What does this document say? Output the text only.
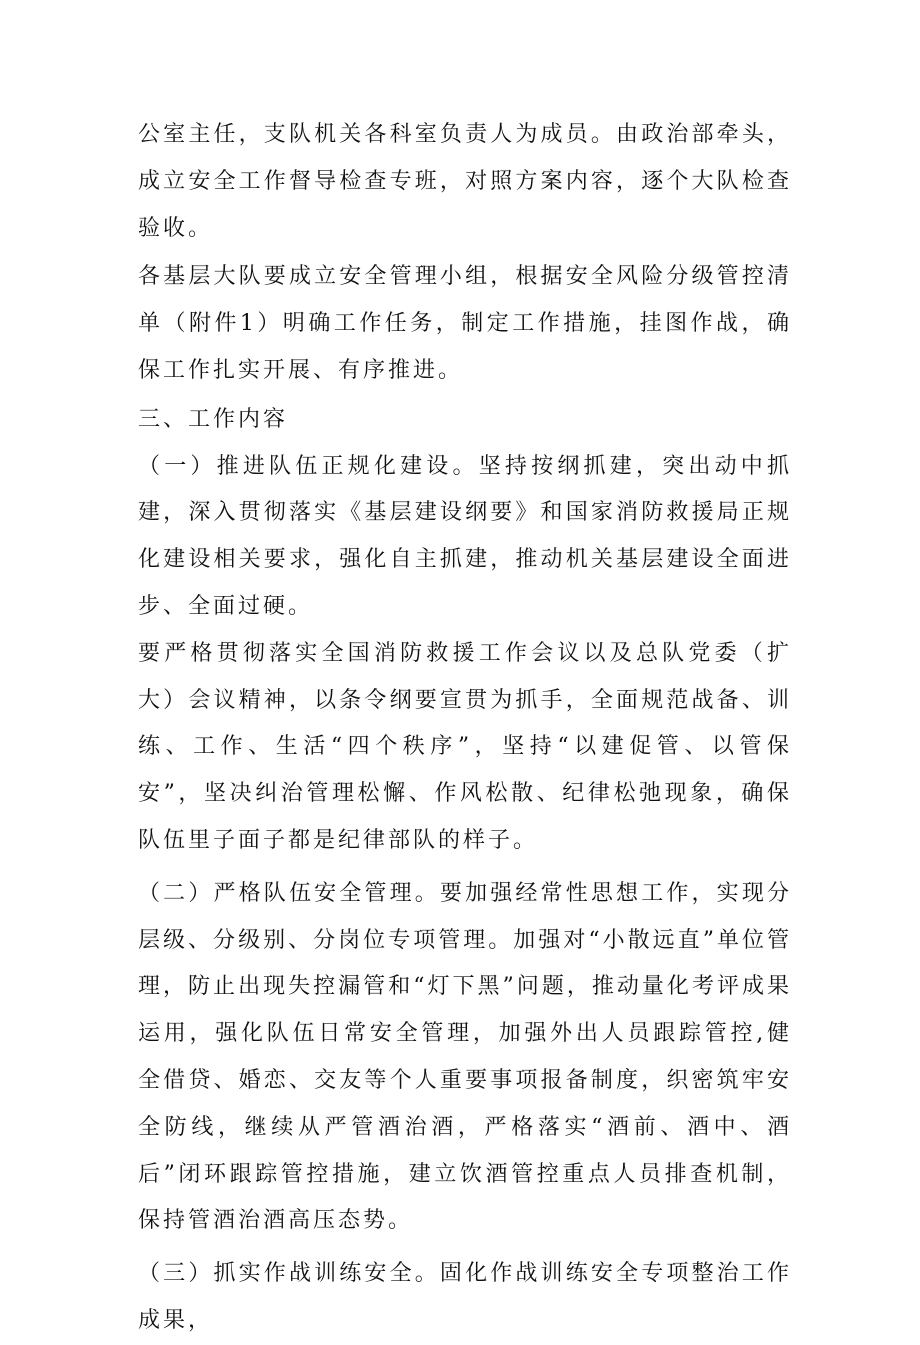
公室主任，支队机关各科室负责人为成员。由政治部牵头，成立安全工作督导检查专班，对照方案内容，逐个大队检查验收。

各基层大队要成立安全管理小组，根据安全风险分级管控清单（附件1）明确工作任务，制定工作措施，挂图作战，确保工作扎实开展、有序推进。

三、工作内容

（一）推进队伍正规化建设。坚持按纲抓建，突出动中抓建，深入贯彻落实《基层建设纲要》和国家消防救援局正规化建设相关要求，强化自主抓建，推动机关基层建设全面进步、全面过硬。

要严格贯彻落实全国消防救援工作会议以及总队党委（扩大）会议精神，以条令纲要宣贯为抓手，全面规范战备、训练、工作、生活“四个秩序”，坚持“以建促管、以管保安”，坚决纠治管理松懈、作风松散、纪律松弛现象，确保队伍里子面子都是纪律部队的样子。

（二）严格队伍安全管理。要加强经常性思想工作，实现分层级、分级别、分岗位专项管理。加强对“小散远直”单位管理，防止出现失控漏管和“灯下黑”问题，推动量化考评成果运用，强化队伍日常安全管理，加强外出人员跟踪管控,健全借贷、婚恋、交友等个人重要事项报备制度，织密筑牢安全防线，继续从严管酒治酒，严格落实“酒前、酒中、酒后”闭环跟踪管控措施，建立饮酒管控重点人员排查机制，保持管酒治酒高压态势。

（三）抓实作战训练安全。固化作战训练安全专项整治工作成果，
